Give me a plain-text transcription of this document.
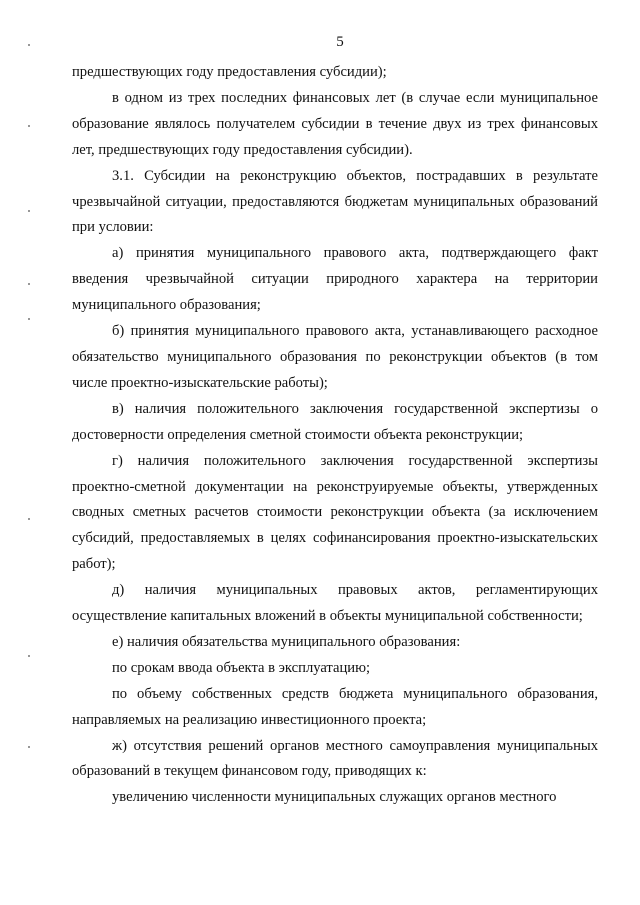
5

предшествующих году предоставления субсидии);

в одном из трех последних финансовых лет (в случае если муниципальное образование являлось получателем субсидии в течение двух из трех финансовых лет, предшествующих году предоставления субсидии).

3.1. Субсидии на реконструкцию объектов, пострадавших в результате чрезвычайной ситуации, предоставляются бюджетам муниципальных образований при условии:

а) принятия муниципального правового акта, подтверждающего факт введения чрезвычайной ситуации природного характера на территории муниципального образования;

б) принятия муниципального правового акта, устанавливающего расходное обязательство муниципального образования по реконструкции объектов (в том числе проектно-изыскательские работы);

в) наличия положительного заключения государственной экспертизы о достоверности определения сметной стоимости объекта реконструкции;

г) наличия положительного заключения государственной экспертизы проектно-сметной документации на реконструируемые объекты, утвержденных сводных сметных расчетов стоимости реконструкции объекта (за исключением субсидий, предоставляемых в целях софинансирования проектно-изыскательских работ);

д) наличия муниципальных правовых актов, регламентирующих осуществление капитальных вложений в объекты муниципальной собственности;

е) наличия обязательства муниципального образования:

по срокам ввода объекта в эксплуатацию;

по объему собственных средств бюджета муниципального образования, направляемых на реализацию инвестиционного проекта;

ж) отсутствия решений органов местного самоуправления муниципальных образований в текущем финансовом году, приводящих к:

увеличению численности муниципальных служащих органов местного
